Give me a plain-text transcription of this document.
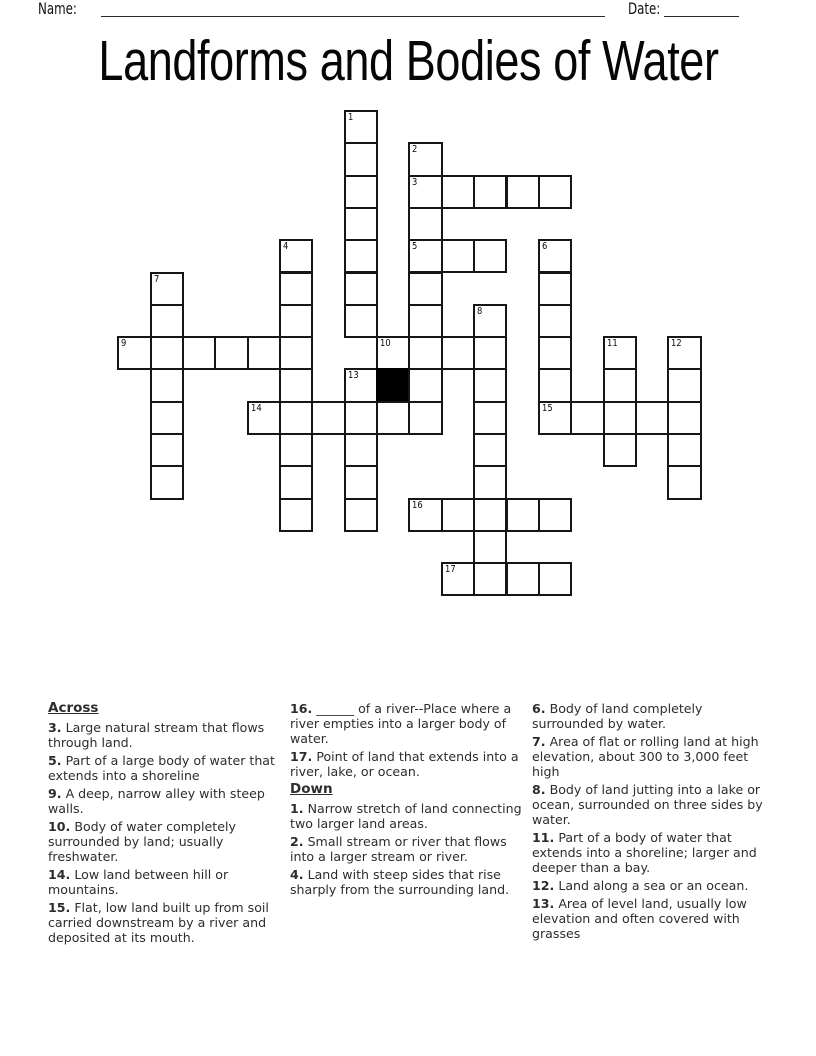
Name:	Date:
Landforms and Bodies of Water
1
2
3
4	5	6
7
8
9	10	11	12
13
14	15
16
17
Across

3. Large natural stream that flows through land.

5. Part of a large body of water that extends into a shoreline

9. A deep, narrow alley with steep walls.

10. Body of water completely surrounded by land; usually freshwater.

14. Low land between hill or mountains.

15. Flat, low land built up from soil carried downstream by a river and deposited at its mouth.

16. ______ of a river--Place where a river empties into a larger body of water.

17. Point of land that extends into a river, lake, or ocean.

Down

1. Narrow stretch of land connecting two larger land areas.

2. Small stream or river that flows into a larger stream or river.

4. Land with steep sides that rise sharply from the surrounding land.

6. Body of land completely surrounded by water.

7. Area of flat or rolling land at high elevation, about 300 to 3,000 feet high

8. Body of land jutting into a lake or ocean, surrounded on three sides by water.

11. Part of a body of water that extends into a shoreline; larger and deeper than a bay.

12. Land along a sea or an ocean.

13. Area of level land, usually low elevation and often covered with grasses
